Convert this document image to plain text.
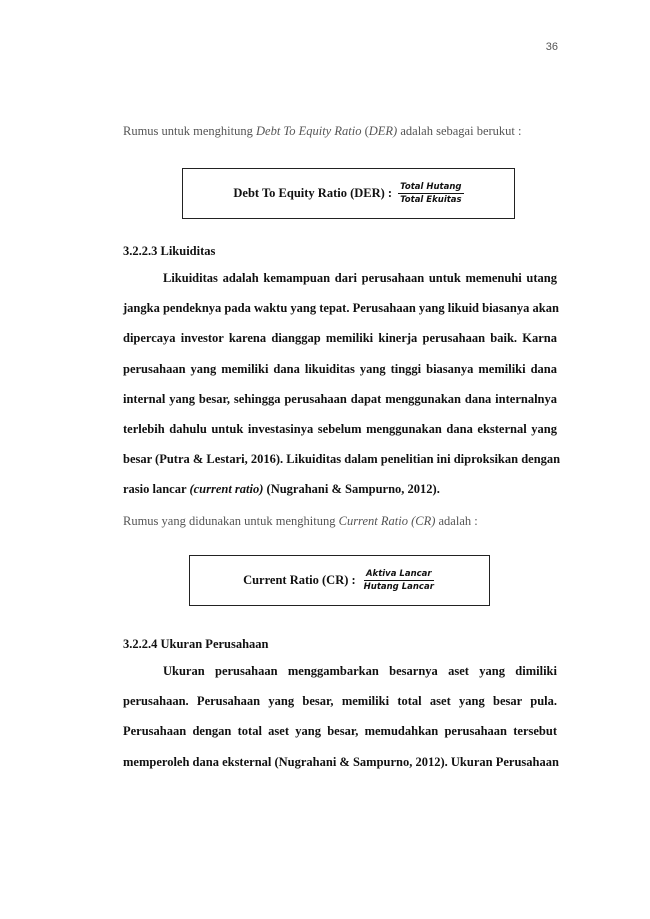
36
Rumus untuk menghitung Debt To Equity Ratio (DER) adalah sebagai berukut :
Debt To Equity Ratio (DER) : $\frac{\text{Total Hutang}}{\text{Total Ekuitas}}$
3.2.2.3 Likuiditas
Likuiditas adalah kemampuan dari perusahaan untuk memenuhi utang
jangka pendeknya pada waktu yang tepat. Perusahaan yang likuid biasanya akan
dipercaya investor karena dianggap memiliki kinerja perusahaan baik. Karna
perusahaan yang memiliki dana likuiditas yang tinggi biasanya memiliki dana
internal yang besar, sehingga perusahaan dapat menggunakan dana internalnya
terlebih dahulu untuk investasinya sebelum menggunakan dana eksternal yang
besar (Putra & Lestari, 2016). Likuiditas dalam penelitian ini diproksikan dengan
rasio lancar (current ratio) (Nugrahani & Sampurno, 2012).
Rumus yang didunakan untuk menghitung Current Ratio (CR) adalah :
Current Ratio (CR) : $\frac{\text{Aktiva Lancar}}{\text{Hutang Lancar}}$
3.2.2.4 Ukuran Perusahaan
Ukuran perusahaan menggambarkan besarnya aset yang dimiliki
perusahaan. Perusahaan yang besar, memiliki total aset yang besar pula.
Perusahaan dengan total aset yang besar, memudahkan perusahaan tersebut
memperoleh dana eksternal (Nugrahani & Sampurno, 2012). Ukuran Perusahaan
